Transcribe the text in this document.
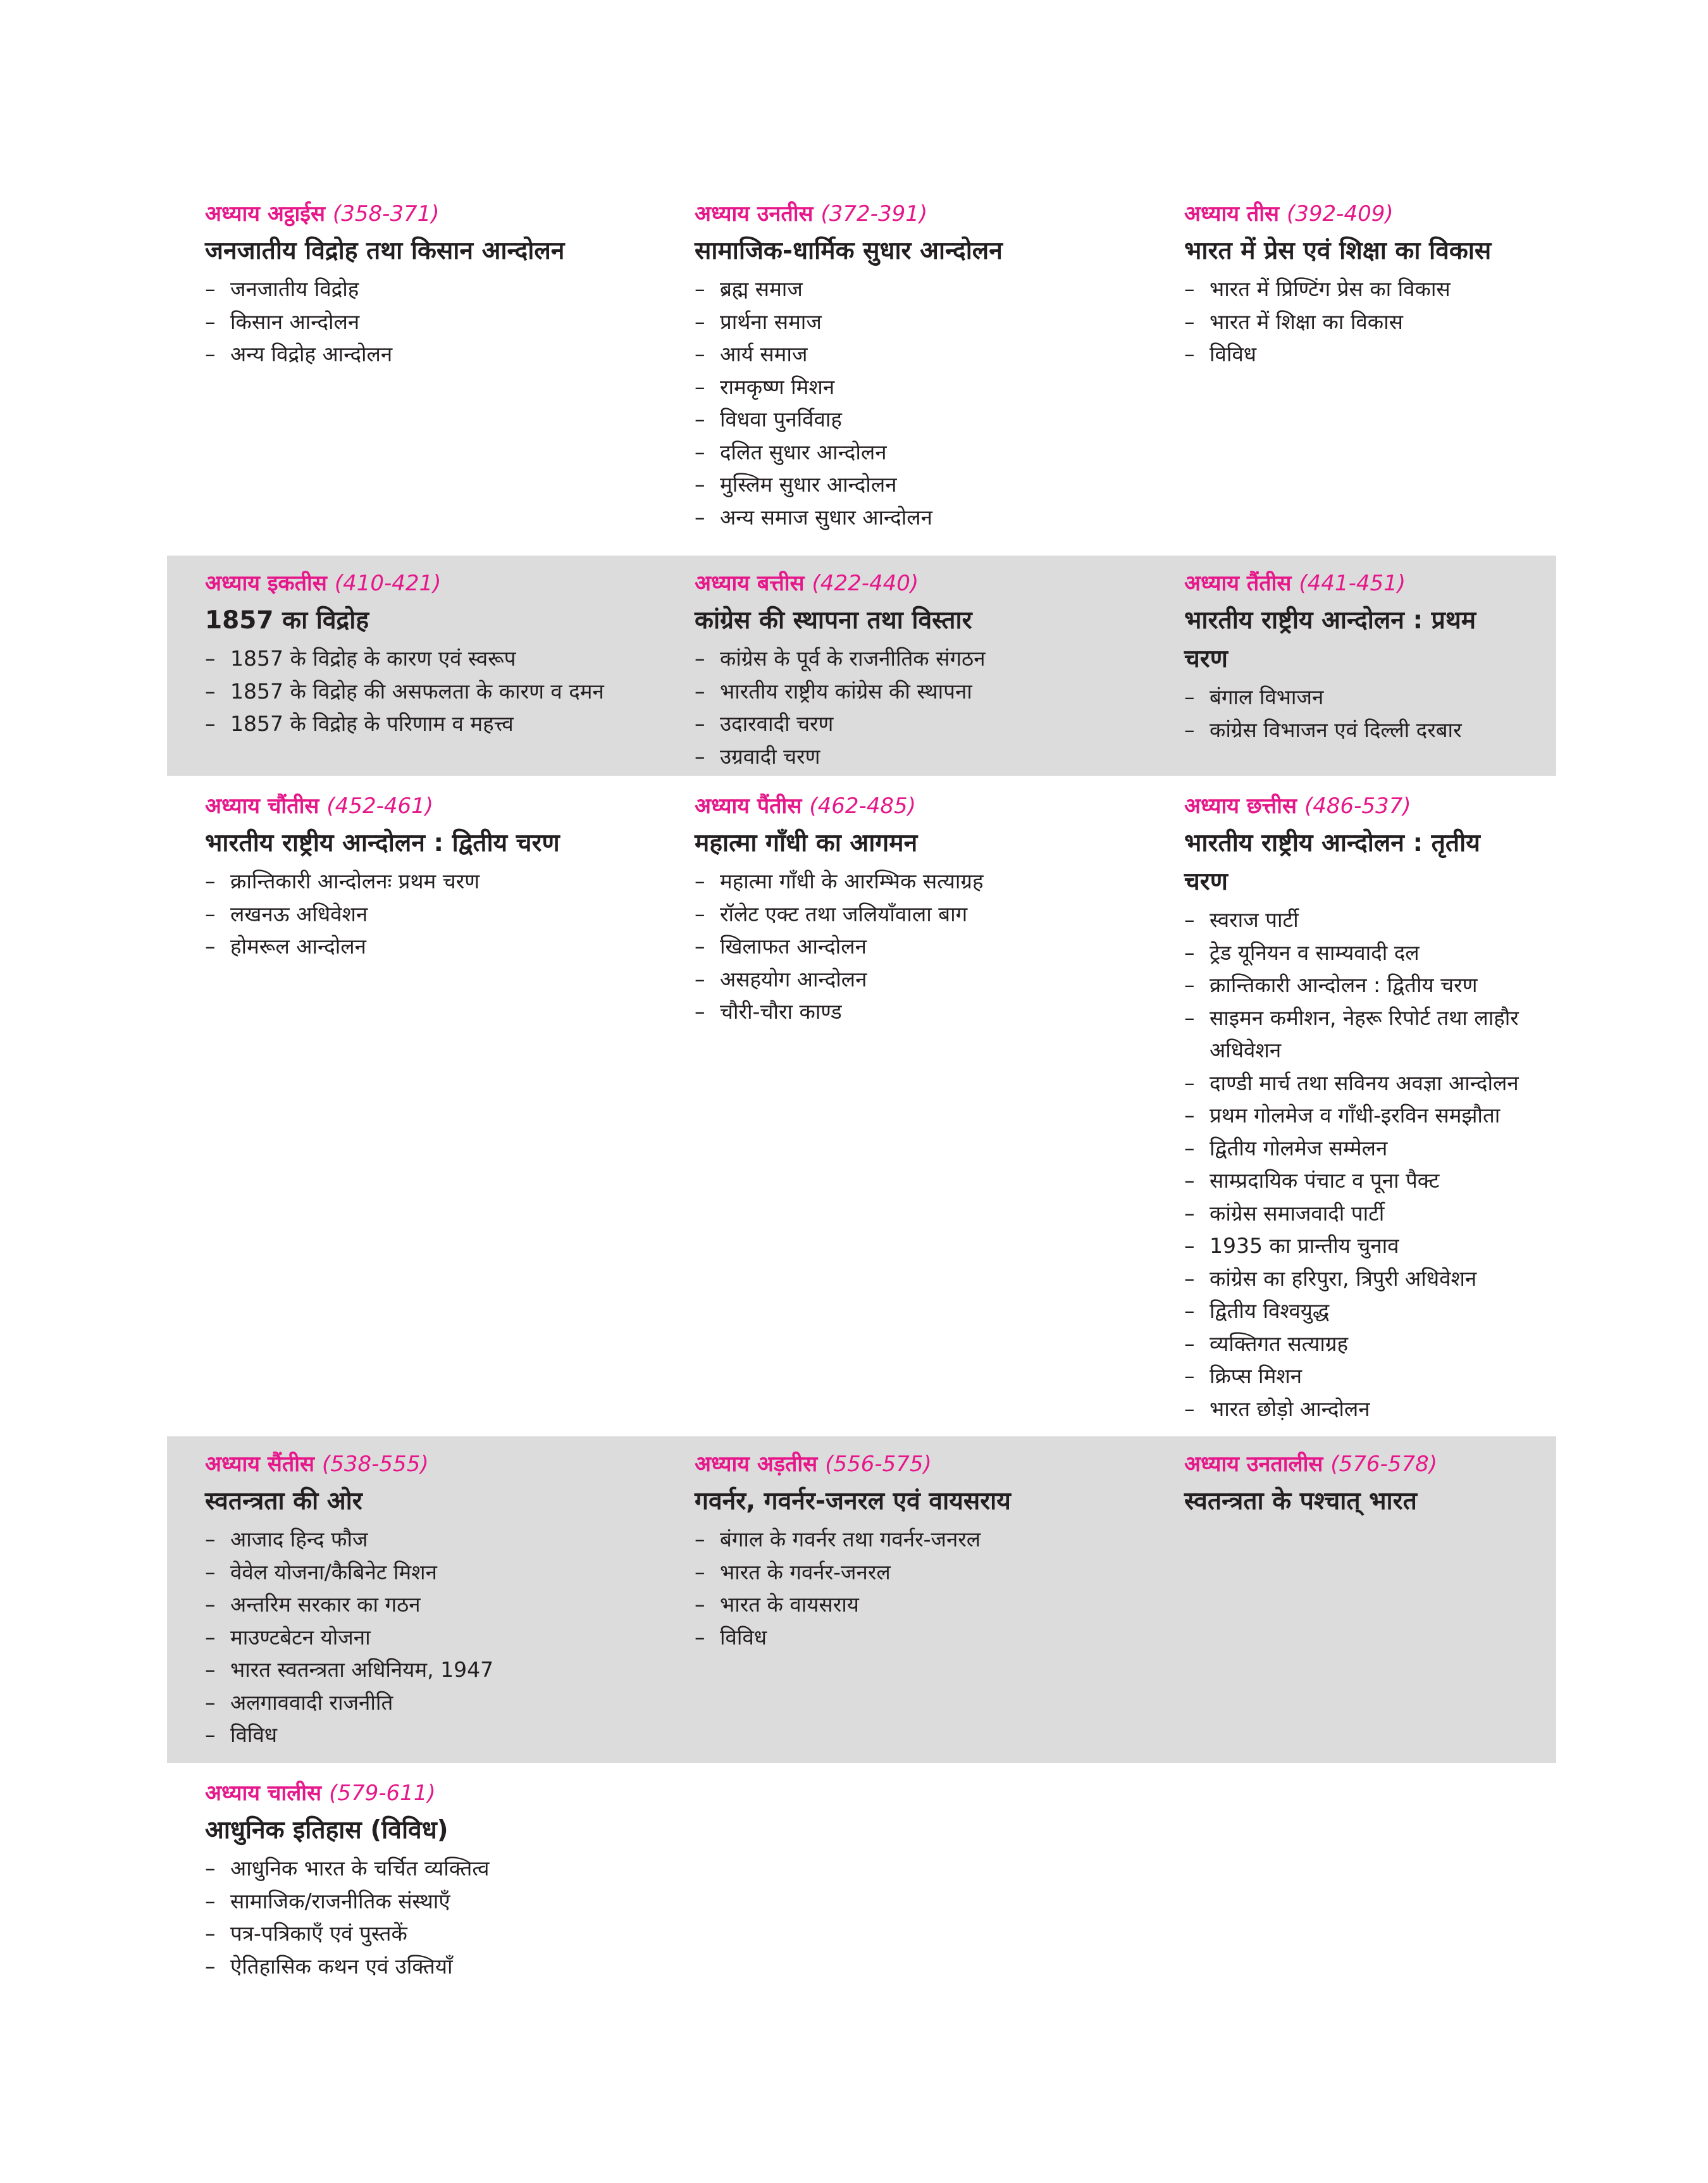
अध्याय अट्ठाईस (358-371)
जनजातीय विद्रोह तथा किसान आन्दोलन
– जनजातीय विद्रोह
– किसान आन्दोलन
– अन्य विद्रोह आन्दोलन
अध्याय उनतीस (372-391)
सामाजिक-धार्मिक सुधार आन्दोलन
– ब्रह्म समाज
– प्रार्थना समाज
– आर्य समाज
– रामकृष्ण मिशन
– विधवा पुनर्विवाह
– दलित सुधार आन्दोलन
– मुस्लिम सुधार आन्दोलन
– अन्य समाज सुधार आन्दोलन
अध्याय तीस (392-409)
भारत में प्रेस एवं शिक्षा का विकास
– भारत में प्रिण्टिंग प्रेस का विकास
– भारत में शिक्षा का विकास
– विविध
अध्याय इकतीस (410-421)
1857 का विद्रोह
– 1857 के विद्रोह के कारण एवं स्वरूप
– 1857 के विद्रोह की असफलता के कारण व दमन
– 1857 के विद्रोह के परिणाम व महत्त्व
अध्याय बत्तीस (422-440)
कांग्रेस की स्थापना तथा विस्तार
– कांग्रेस के पूर्व के राजनीतिक संगठन
– भारतीय राष्ट्रीय कांग्रेस की स्थापना
– उदारवादी चरण
– उग्रवादी चरण
अध्याय तैंतीस (441-451)
भारतीय राष्ट्रीय आन्दोलन : प्रथम चरण
– बंगाल विभाजन
– कांग्रेस विभाजन एवं दिल्ली दरबार
अध्याय चौंतीस (452-461)
भारतीय राष्ट्रीय आन्दोलन : द्वितीय चरण
– क्रान्तिकारी आन्दोलनः प्रथम चरण
– लखनऊ अधिवेशन
– होमरूल आन्दोलन
अध्याय पैंतीस (462-485)
महात्मा गाँधी का आगमन
– महात्मा गाँधी के आरम्भिक सत्याग्रह
– रॉलेट एक्ट तथा जलियाँवाला बाग
– खिलाफत आन्दोलन
– असहयोग आन्दोलन
– चौरी-चौरा काण्ड
अध्याय छत्तीस (486-537)
भारतीय राष्ट्रीय आन्दोलन : तृतीय चरण
– स्वराज पार्टी
– ट्रेड यूनियन व साम्यवादी दल
– क्रान्तिकारी आन्दोलन : द्वितीय चरण
– साइमन कमीशन, नेहरू रिपोर्ट तथा लाहौर अधिवेशन
– दाण्डी मार्च तथा सविनय अवज्ञा आन्दोलन
– प्रथम गोलमेज व गाँधी-इरविन समझौता
– द्वितीय गोलमेज सम्मेलन
– साम्प्रदायिक पंचाट व पूना पैक्ट
– कांग्रेस समाजवादी पार्टी
– 1935 का प्रान्तीय चुनाव
– कांग्रेस का हरिपुरा, त्रिपुरी अधिवेशन
– द्वितीय विश्वयुद्ध
– व्यक्तिगत सत्याग्रह
– क्रिप्स मिशन
– भारत छोड़ो आन्दोलन
अध्याय सैंतीस (538-555)
स्वतन्त्रता की ओर
– आजाद हिन्द फौज
– वेवेल योजना/कैबिनेट मिशन
– अन्तरिम सरकार का गठन
– माउण्टबेटन योजना
– भारत स्वतन्त्रता अधिनियम, 1947
– अलगाववादी राजनीति
– विविध
अध्याय अड़तीस (556-575)
गवर्नर, गवर्नर-जनरल एवं वायसराय
– बंगाल के गवर्नर तथा गवर्नर-जनरल
– भारत के गवर्नर-जनरल
– भारत के वायसराय
– विविध
अध्याय उनतालीस (576-578)
स्वतन्त्रता के पश्चात् भारत
अध्याय चालीस (579-611)
आधुनिक इतिहास (विविध)
– आधुनिक भारत के चर्चित व्यक्तित्व
– सामाजिक/राजनीतिक संस्थाएँ
– पत्र-पत्रिकाएँ एवं पुस्तकें
– ऐतिहासिक कथन एवं उक्तियाँ
